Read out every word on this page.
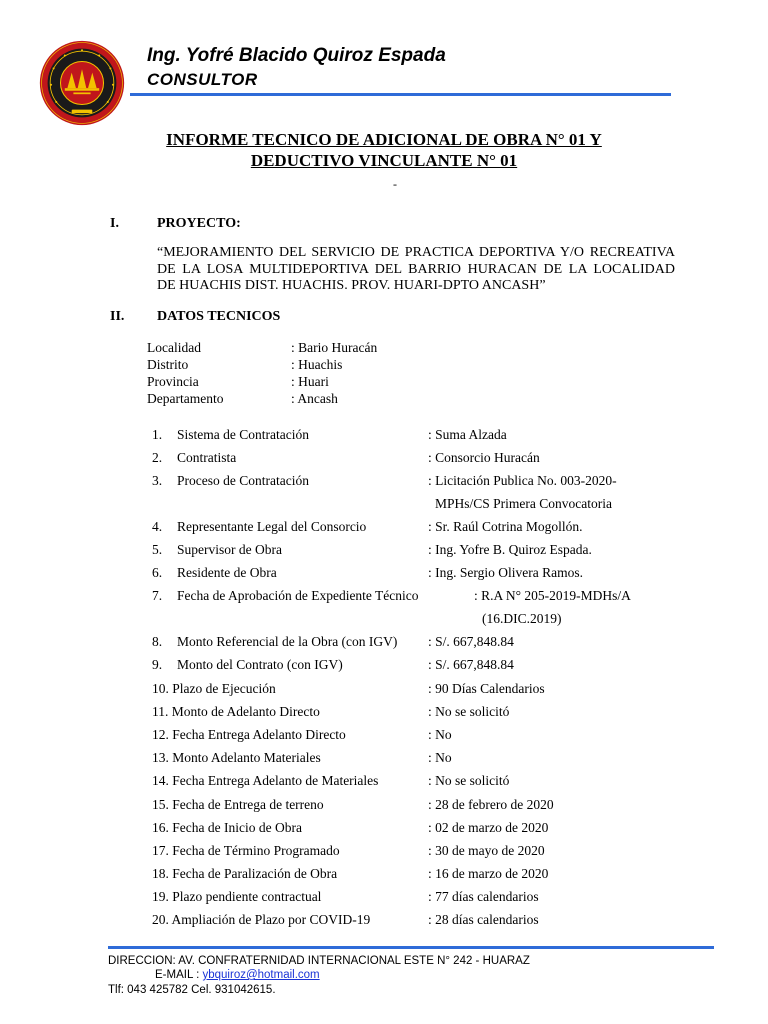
Ing. Yofré Blacido Quiroz Espada
CONSULTOR
INFORME TECNICO DE ADICIONAL DE OBRA N° 01 Y
DEDUCTIVO VINCULANTE N° 01
-
I.	PROYECTO:
“MEJORAMIENTO DEL SERVICIO DE PRACTICA DEPORTIVA Y/O RECREATIVA
DE LA LOSA MULTIDEPORTIVA DEL BARRIO HURACAN DE LA LOCALIDAD
DE HUACHIS DIST. HUACHIS. PROV. HUARI-DPTO ANCASH”
II. DATOS TECNICOS
Localidad	: Bario Huracán
Distrito	: Huachis
Provincia	: Huari
Departamento	: Ancash
1. Sistema de Contratación	: Suma Alzada
2. Contratista	: Consorcio Huracán
3. Proceso de Contratación	: Licitación Publica No. 003-2020-
MPHs/CS Primera Convocatoria
4. Representante Legal del Consorcio	: Sr. Raúl Cotrina Mogollón.
5. Supervisor de Obra	: Ing. Yofre B. Quiroz Espada.
6. Residente de Obra	: Ing. Sergio Olivera Ramos.
7. Fecha de Aprobación de Expediente Técnico	: R.A N° 205-2019-MDHs/A
(16.DIC.2019)
8. Monto Referencial de la Obra (con IGV) : S/. 667,848.84
9. Monto del Contrato (con IGV)	: S/. 667,848.84
10. Plazo de Ejecución	: 90 Días Calendarios
11. Monto de Adelanto Directo	: No se solicitó
12. Fecha Entrega Adelanto Directo	: No
13. Monto Adelanto Materiales	: No
14. Fecha Entrega Adelanto de Materiales	: No se solicitó
15. Fecha de Entrega de terreno	: 28 de febrero de 2020
16. Fecha de Inicio de Obra	: 02 de marzo de 2020
17. Fecha de Término Programado	: 30 de mayo de 2020
18. Fecha de Paralización de Obra	: 16 de marzo de 2020
19. Plazo pendiente contractual	: 77 días calendarios
20. Ampliación de Plazo por COVID-19	: 28 días calendarios
DIRECCION: AV. CONFRATERNIDAD INTERNACIONAL ESTE N° 242 - HUARAZ
E-MAIL : ybquiroz@hotmail.com
Tlf: 043 425782 Cel. 931042615.
